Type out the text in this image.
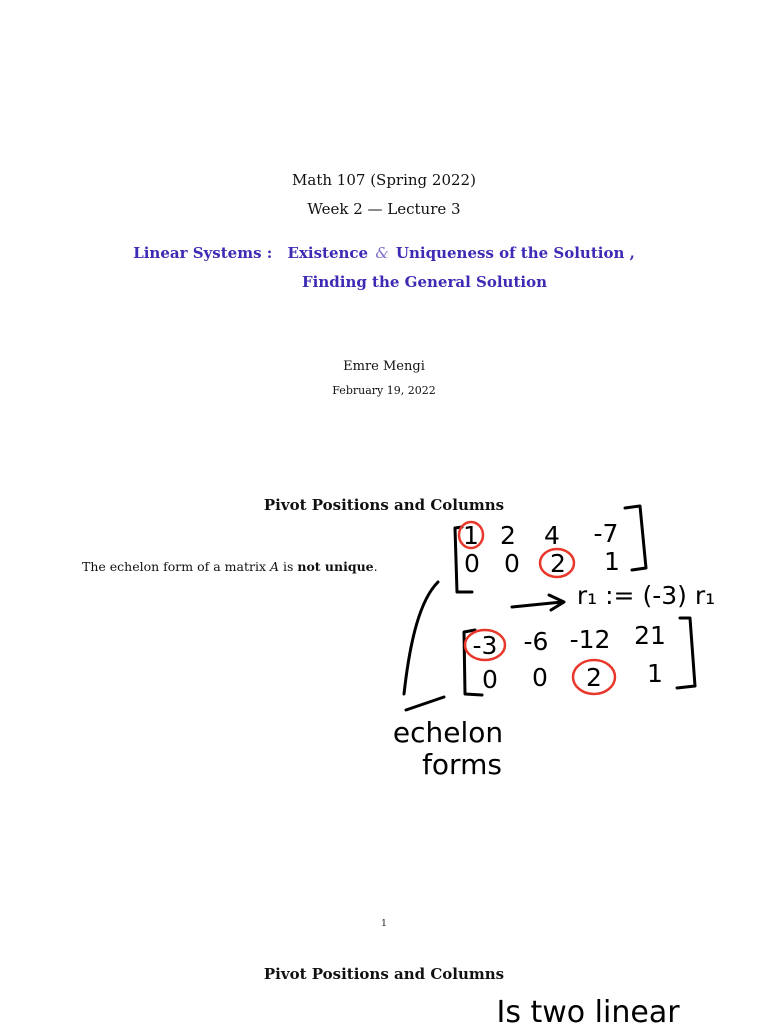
Math 107 (Spring 2022)
Week 2 — Lecture 3
Linear Systems : Existence & Uniqueness of the Solution ,
Finding the General Solution
Emre Mengi
February 19, 2022
Pivot Positions and Columns
The echelon form of a matrix A is not unique.
1 2 4 -7
0 0 2 1
r₁ := (-3) r₁
-3 -6 -12 21
0 0 2 1
echelon
forms
Is two linear
1
Pivot Positions and Columns
